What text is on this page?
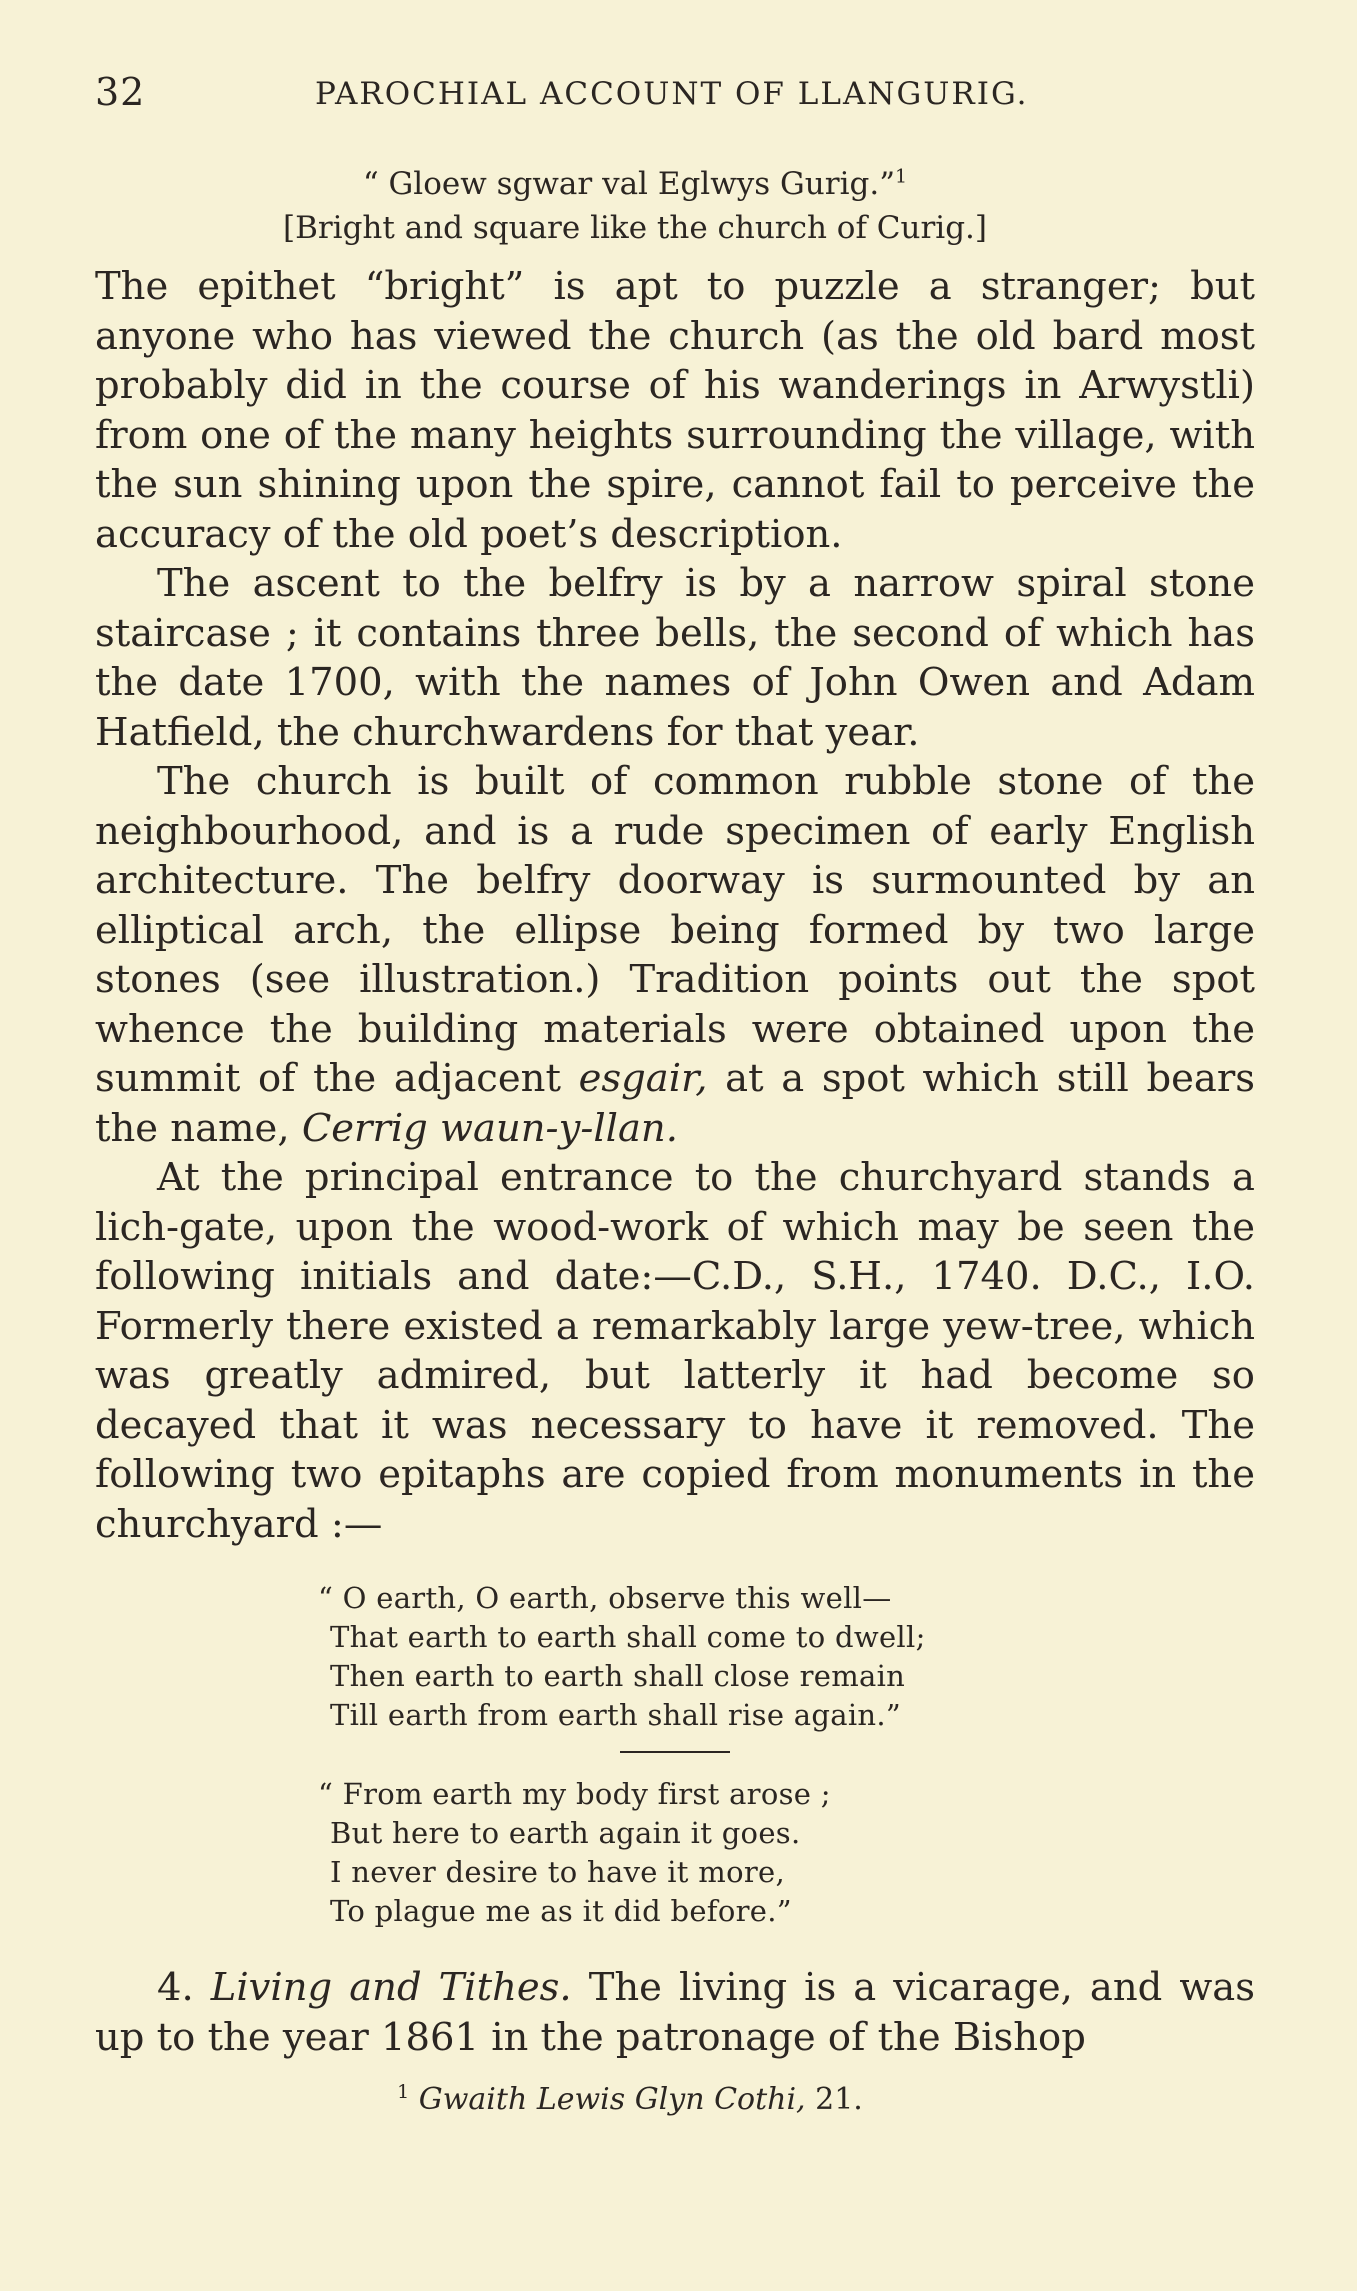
32	PAROCHIAL ACCOUNT OF LLANGURIG.
“ Gloew sgwar val Eglwys Gurig.”$^1$
[Bright and square like the church of Curig.]

The epithet “bright” is apt to puzzle a stranger; but anyone who has viewed the church (as the old bard most probably did in the course of his wanderings in Arwystli) from one of the many heights surrounding the village, with the sun shining upon the spire, cannot fail to perceive the accuracy of the old poet’s description.

The ascent to the belfry is by a narrow spiral stone staircase ; it contains three bells, the second of which has the date 1700, with the names of John Owen and Adam Hatfield, the churchwardens for that year.

The church is built of common rubble stone of the neighbourhood, and is a rude specimen of early English architecture. The belfry doorway is surmounted by an elliptical arch, the ellipse being formed by two large stones (see illustration.) Tradition points out the spot whence the building materials were obtained upon the summit of the adjacent esgair, at a spot which still bears the name, Cerrig waun-y-llan.

At the principal entrance to the churchyard stands a lich-gate, upon the wood-work of which may be seen the following initials and date:—C.D., S.H., 1740. D.C., I.O. Formerly there existed a remarkably large yew-tree, which was greatly admired, but latterly it had become so decayed that it was necessary to have it removed. The following two epitaphs are copied from monuments in the churchyard :—

“ O earth, O earth, observe this well—
That earth to earth shall come to dwell;
Then earth to earth shall close remain
Till earth from earth shall rise again.”
“ From earth my body first arose ;
But here to earth again it goes.
I never desire to have it more,
To plague me as it did before.”

4. Living and Tithes. The living is a vicarage, and was up to the year 1861 in the patronage of the Bishop

$^1$ Gwaith Lewis Glyn Cothi, 21.
